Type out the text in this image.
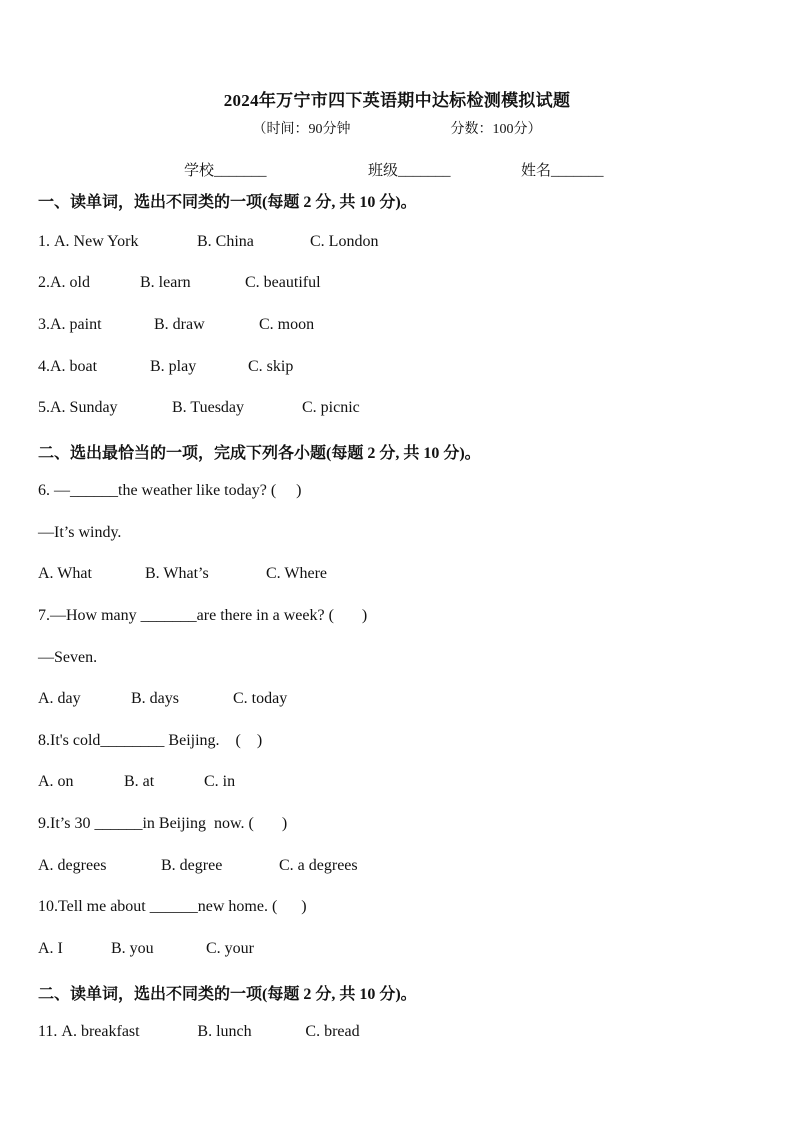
2024年万宁市四下英语期中达标检测模拟试题
（时间：90分钟	分数：100分）
学校_______	班级_______	姓名_______
一、读单词，选出不同类的一项(每题 2 分, 共 10 分)。
1. A. New York	B. China	C. London
2.A. old	B. learn	C. beautiful
3.A. paint	B. draw	C. moon
4.A. boat	B. play	C. skip
5.A. Sunday	B. Tuesday	C. picnic
二、选出最恰当的一项，完成下列各小题(每题 2 分, 共 10 分)。
6. —______the weather like today? (     )
—It’s windy.
A. What	B. What’s	C. Where
7.—How many _______are there in a week? (       )
—Seven.
A. day	B. days	C. today
8.It's cold________ Beijing.    (    )
A. on	B. at	C. in
9.It’s 30 ______in Beijing  now. (       )
A. degrees	B. degree	C. a degrees
10.Tell me about ______new home. (      )
A. I	B. you	C. your
二、读单词，选出不同类的一项(每题 2 分, 共 10 分)。
11. A. breakfast	B. lunch	C. bread
